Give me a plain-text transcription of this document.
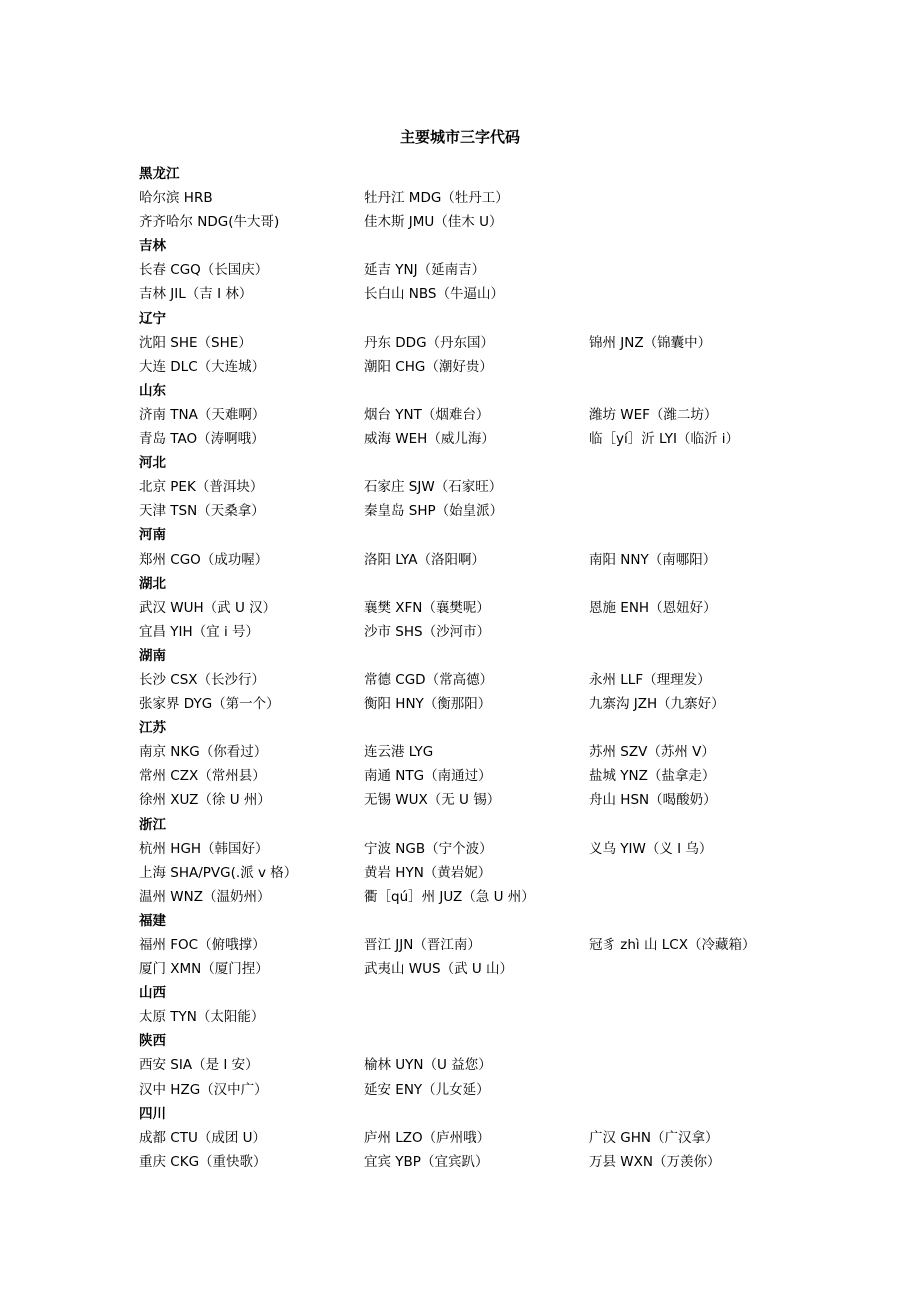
主要城市三字代码
黑龙江
哈尔滨 HRB	牡丹江 MDG（牡丹工）
齐齐哈尔 NDG(牛大哥)	佳木斯 JMU（佳木 U）
吉林
长春 CGQ（长国庆）	延吉 YNJ（延南吉）
吉林 JIL（吉 I 林）	长白山 NBS（牛逼山）
辽宁
沈阳 SHE（SHE）	丹东 DDG（丹东国）	锦州 JNZ（锦囊中）
大连 DLC（大连城）	潮阳 CHG（潮好贵）
山东
济南 TNA（天难啊）	烟台 YNT（烟难台）	潍坊 WEF（潍二坊）
青岛 TAO（涛啊哦）	威海 WEH（威儿海）	临［yí］沂 LYI（临沂 i）
河北
北京 PEK（普洱块）	石家庄 SJW（石家旺）
天津 TSN（天桑拿）	秦皇岛 SHP（始皇派）
河南
郑州 CGO（成功喔）	洛阳 LYA（洛阳啊）	南阳 NNY（南哪阳）
湖北
武汉 WUH（武 U 汉）	襄樊 XFN（襄樊呢）	恩施 ENH（恩妞好）
宜昌 YIH（宜 i 号）	沙市 SHS（沙河市）
湖南
长沙 CSX（长沙行）	常德 CGD（常高德）	永州 LLF（理理发）
张家界 DYG（第一个）	衡阳 HNY（衡那阳）	九寨沟 JZH（九寨好）
江苏
南京 NKG（你看过）	连云港 LYG	苏州 SZV（苏州 V）
常州 CZX（常州县）	南通 NTG（南通过）	盐城 YNZ（盐拿走）
徐州 XUZ（徐 U 州）	无锡 WUX（无 U 锡）	舟山 HSN（喝酸奶）
浙江
杭州 HGH（韩国好）	宁波 NGB（宁个波）	义乌 YIW（义 I 乌）
上海 SHA/PVG(.派 v 格）	黄岩 HYN（黄岩妮）
温州 WNZ（温奶州）	衢［qú］州 JUZ（急 U 州）
福建
福州 FOC（俯哦撑）	晋江 JJN（晋江南）	冠豸 zhì 山 LCX（冷藏箱）
厦门 XMN（厦门捏）	武夷山 WUS（武 U 山）
山西
太原 TYN（太阳能）
陕西
西安 SIA（是 I 安）	榆林 UYN（U 益您）
汉中 HZG（汉中广）	延安 ENY（儿女延）
四川
成都 CTU（成团 U）	庐州 LZO（庐州哦）	广汉 GHN（广汉拿）
重庆 CKG（重快歌）	宜宾 YBP（宜宾趴）	万县 WXN（万羡你）
